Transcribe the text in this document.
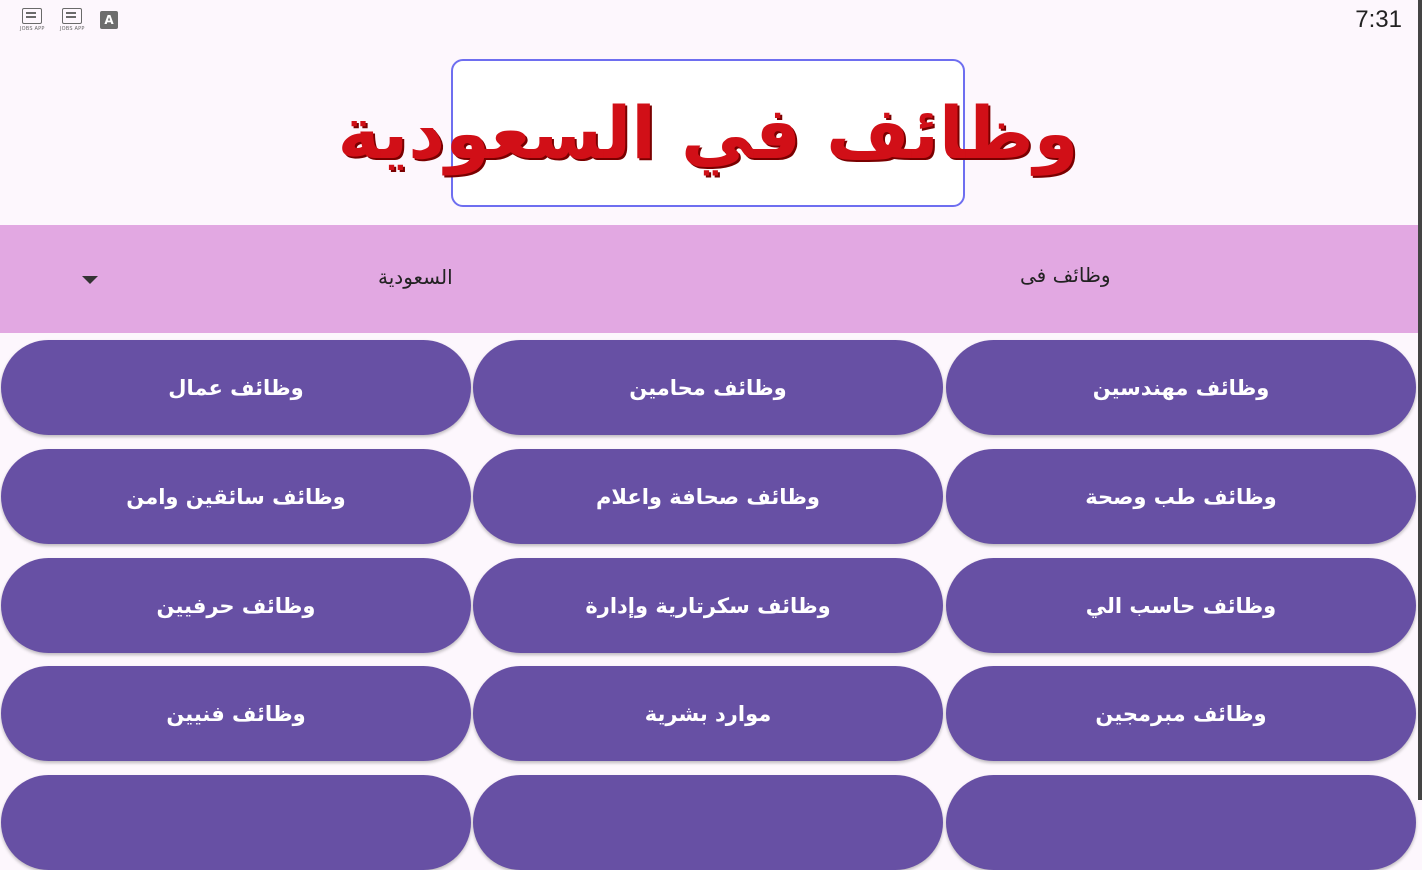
JOBS APP	JOBS APP
A	7:31
وظائف في السعودية
وظائف فى
السعودية
وظائف مهندسين
وظائف محامين
وظائف عمال
وظائف طب وصحة
وظائف صحافة واعلام
وظائف سائقين وامن
وظائف حاسب الي
وظائف سكرتارية وإدارة
وظائف حرفيين
وظائف مبرمجين
موارد بشرية
وظائف فنيين
